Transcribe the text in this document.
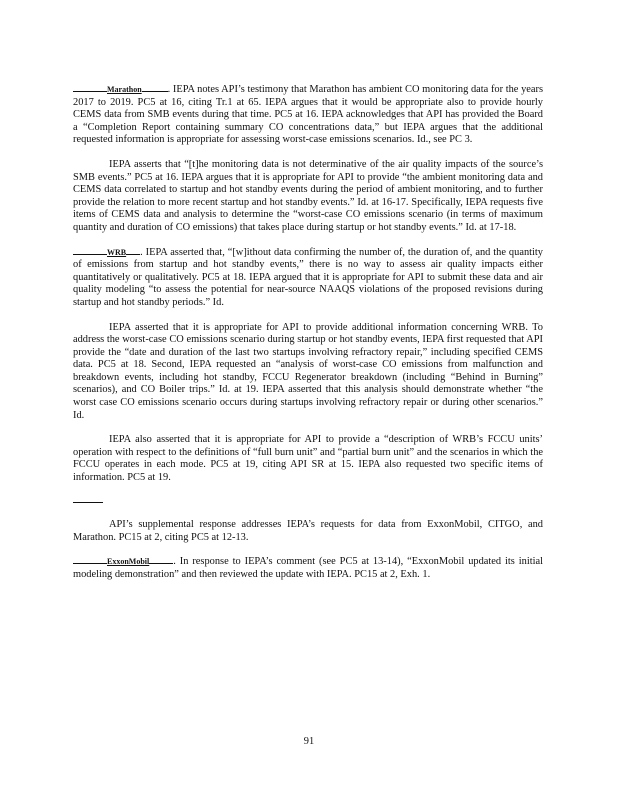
Marathon	. IEPA notes API’s testimony that Marathon has ambient CO monitoring data for the years 2017 to 2019. PC5 at 16, citing Tr.1 at 65. IEPA argues that it would be appropriate also to provide hourly CEMS data from SMB events during that time. PC5 at 16. IEPA acknowledges that API has provided the Board a “Completion Report containing summary CO concentrations data,” but IEPA argues that the additional requested information is appropriate for assessing worst-case emissions scenarios. Id., see PC 3.

IEPA asserts that “[t]he monitoring data is not determinative of the air quality impacts of the source’s SMB events.” PC5 at 16. IEPA argues that it is appropriate for API to provide “the ambient monitoring data and CEMS data correlated to startup and hot standby events during the period of ambient monitoring, and to further provide the relation to more recent startup and hot standby events.” Id. at 16-17. Specifically, IEPA requests five items of CEMS data and analysis to determine the “worst-case CO emissions scenario (in terms of maximum quantity and duration of CO emissions) that takes place during startup or hot standby events.” Id. at 17-18.

WRB . IEPA asserted that, “[w]ithout data confirming the number of, the duration of, and the quantity of emissions from startup and hot standby events,” there is no way to assess air quality impacts either quantitatively or qualitatively. PC5 at 18. IEPA argued that it is appropriate for API to submit these data and air quality modeling “to assess the potential for near-source NAAQS violations of the proposed revisions during startup and hot standby periods.” Id.

IEPA asserted that it is appropriate for API to provide additional information concerning WRB. To address the worst-case CO emissions scenario during startup or hot standby events, IEPA first requested that API provide the “date and duration of the last two startups involving refractory repair,” including specified CEMS data. PC5 at 18. Second, IEPA requested an “analysis of worst-case CO emissions from malfunction and breakdown events, including hot standby, FCCU Regenerator breakdown (including “Behind in Burning” scenarios), and CO Boiler trips.” Id. at 19. IEPA asserted that this analysis should demonstrate whether “the worst case CO emissions scenario occurs during startups involving refractory repair or during other scenarios.” Id.

IEPA also asserted that it is appropriate for API to provide a “description of WRB’s FCCU units’ operation with respect to the definitions of “full burn unit” and “partial burn unit” and the scenarios in which the FCCU operates in each mode. PC5 at 19, citing API SR at 15. IEPA also requested two specific items of information. PC5 at 19.

API’s supplemental response addresses IEPA’s requests for data from ExxonMobil, CITGO, and Marathon. PC15 at 2, citing PC5 at 12-13.

ExxonMobil . In response to IEPA’s comment (see PC5 at 13-14), “ExxonMobil updated its initial modeling demonstration” and then reviewed the update with IEPA. PC15 at 2, Exh. 1.

91
